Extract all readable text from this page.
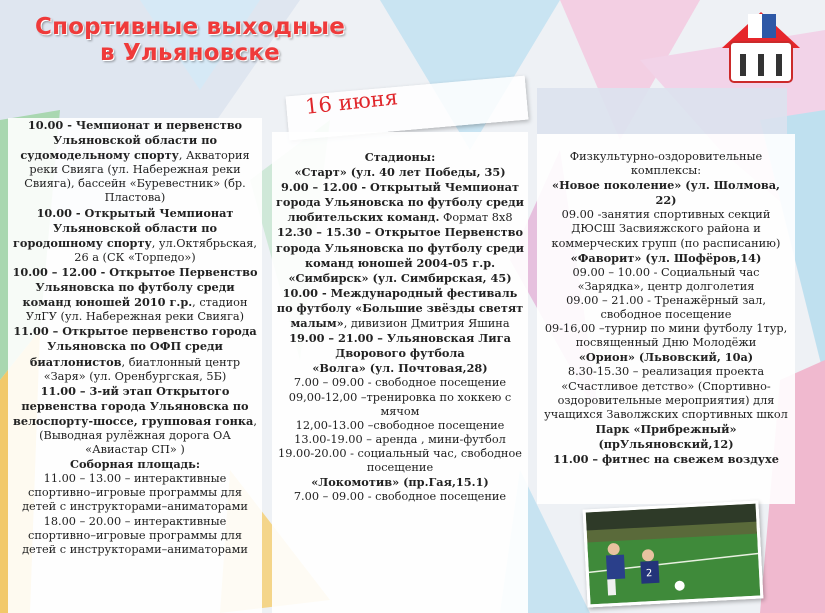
Спортивные выходные
в Ульяновске
16 июня

10.00 - Чемпионат и первенство Ульяновской области по судомодельному спорту, Акватория реки Свияга (ул. Набережная реки Свияга), бассейн «Буревестник» (бр. Пластова)

10.00 - Открытый Чемпионат Ульяновской области по городошному спорту, ул.Октябрьская, 26 а (СК «Торпедо»)

10.00 – 12.00 - Открытое Первенство Ульяновска по футболу среди команд юношей 2010 г.р., стадион УлГУ (ул. Набережная реки Свияга)

11.00 – Открытое первенство города Ульяновска по ОФП среди биатлонистов, биатлонный центр «Заря» (ул. Оренбургская, 5Б)

11.00 – 3-ий этап Открытого первенства города Ульяновска по велоспорту-шоссе, групповая гонка, (Выводная рулёжная дорога ОА «Авиастар СП» )

Соборная площадь:

11.00 – 13.00 – интерактивные спортивно–игровые программы для детей с инструкторами–аниматорами

18.00 – 20.00 – интерактивные спортивно–игровые программы для детей с инструкторами–аниматорами

Стадионы:

«Старт» (ул. 40 лет Победы, 35)

9.00 – 12.00 - Открытый Чемпионат города Ульяновска по футболу среди любительских команд. Формат 8х8

12.30 – 15.30 – Открытое Первенство города Ульяновска по футболу среди команд юношей 2004-05 г.р.

«Симбирск» (ул. Симбирская, 45)

10.00 - Международный фестиваль по футболу «Большие звёзды светят малым», дивизион Дмитрия Яшина

19.00 – 21.00 – Ульяновская Лига Дворового футбола

«Волга» (ул. Почтовая,28)

7.00 – 09.00 - свободное посещение

09,00-12,00 –тренировка по хоккею с мячом

12,00-13.00 –свободное посещение

13.00-19.00 – аренда , мини-футбол

19.00-20.00 - социальный час, свободное посещение

«Локомотив» (пр.Гая,15.1)

7.00 – 09.00 - свободное посещение

Физкультурно-оздоровительные комплексы:

«Новое поколение» (ул. Шолмова, 22)

09.00 -занятия спортивных секций ДЮСШ Засвияжского района и коммерческих групп (по расписанию)

«Фаворит» (ул. Шофёров,14)

09.00 – 10.00 - Социальный час «Зарядка», центр долголетия

09.00 – 21.00 - Тренажёрный зал, свободное посещение

09-16,00 –турнир по мини футболу 1тур, посвященный Дню Молодёжи

«Орион» (Львовский, 10а)

8.30-15.30 – реализация проекта «Счастливое детство» (Спортивно-оздоровительные мероприятия) для учащихся Заволжских спортивных школ

Парк «Прибрежный»

(прУльяновский,12)

11.00 – фитнес на свежем воздухе

2
